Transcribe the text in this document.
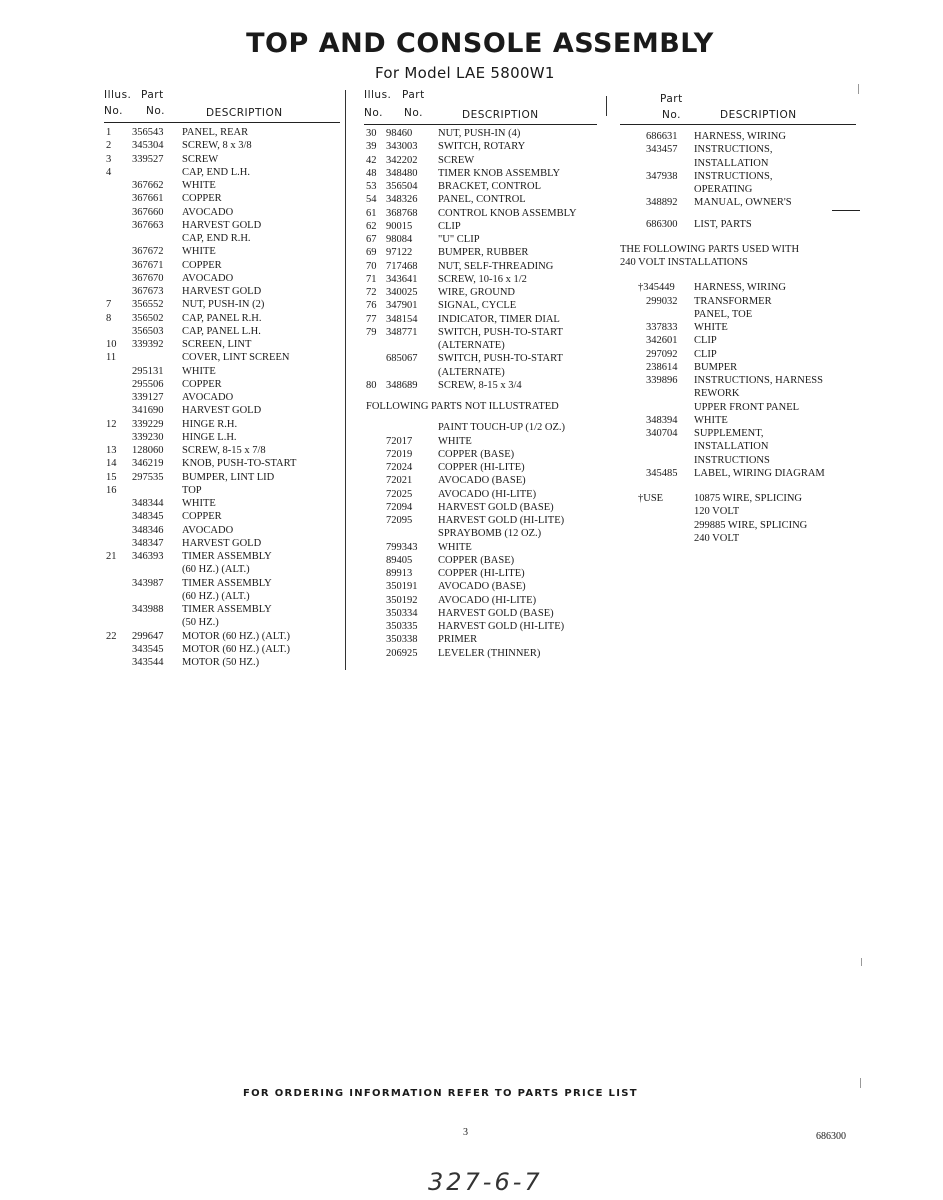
TOP AND CONSOLE ASSEMBLY
For Model LAE 5800W1
Illus. Part
No. No.	DESCRIPTION
Illus. Part
No. No.	DESCRIPTION
Part
No.	DESCRIPTION
1 356543 PANEL, REAR
2 345304 SCREW, 8 x 3/8
3 339527 SCREW
4	CAP, END L.H.
367662 WHITE
367661 COPPER
367660 AVOCADO
367663 HARVEST GOLD
CAP, END R.H.
367672 WHITE
367671 COPPER
367670 AVOCADO
367673 HARVEST GOLD
7 356552 NUT, PUSH-IN (2)
8 356502 CAP, PANEL R.H.
356503 CAP, PANEL L.H.
10 339392 SCREEN, LINT
11	COVER, LINT SCREEN
295131 WHITE
295506 COPPER
339127 AVOCADO
341690 HARVEST GOLD
12 339229 HINGE R.H.
339230 HINGE L.H.
13 128060 SCREW, 8-15 x 7/8
14 346219 KNOB, PUSH-TO-START
15 297535 BUMPER, LINT LID
16	TOP
348344 WHITE
348345 COPPER
348346 AVOCADO
348347 HARVEST GOLD
21 346393 TIMER ASSEMBLY
(60 HZ.) (ALT.)
343987 TIMER ASSEMBLY
(60 HZ.) (ALT.)
343988 TIMER ASSEMBLY
(50 HZ.)
22 299647 MOTOR (60 HZ.) (ALT.)
343545 MOTOR (60 HZ.) (ALT.)
343544 MOTOR (50 HZ.)
30 98460 NUT, PUSH-IN (4)
39 343003 SWITCH, ROTARY
42 342202 SCREW
48 348480 TIMER KNOB ASSEMBLY
53 356504 BRACKET, CONTROL
54 348326 PANEL, CONTROL
61 368768 CONTROL KNOB ASSEMBLY
62 90015 CLIP
67 98084 "U" CLIP
69 97122 BUMPER, RUBBER
70 717468 NUT, SELF-THREADING
71 343641 SCREW, 10-16 x 1/2
72 340025 WIRE, GROUND
76 347901 SIGNAL, CYCLE
77 348154 INDICATOR, TIMER DIAL
79 348771 SWITCH, PUSH-TO-START
(ALTERNATE)
685067 SWITCH, PUSH-TO-START
(ALTERNATE)
80 348689 SCREW, 8-15 x 3/4
FOLLOWING PARTS NOT ILLUSTRATED
PAINT TOUCH-UP (1/2 OZ.)
72017 WHITE
72019 COPPER (BASE)
72024 COPPER (HI-LITE)
72021 AVOCADO (BASE)
72025 AVOCADO (HI-LITE)
72094 HARVEST GOLD (BASE)
72095 HARVEST GOLD (HI-LITE)
SPRAYBOMB (12 OZ.)
799343 WHITE
89405 COPPER (BASE)
89913 COPPER (HI-LITE)
350191 AVOCADO (BASE)
350192 AVOCADO (HI-LITE)
350334 HARVEST GOLD (BASE)
350335 HARVEST GOLD (HI-LITE)
350338 PRIMER
206925 LEVELER (THINNER)
686631 HARNESS, WIRING
343457 INSTRUCTIONS,
INSTALLATION
347938 INSTRUCTIONS,
OPERATING
348892 MANUAL, OWNER'S
686300 LIST, PARTS
THE FOLLOWING PARTS USED WITH
240 VOLT INSTALLATIONS
†345449 HARNESS, WIRING
299032 TRANSFORMER
PANEL, TOE
337833 WHITE
342601 CLIP
297092 CLIP
238614 BUMPER
339896 INSTRUCTIONS, HARNESS
REWORK
UPPER FRONT PANEL
348394 WHITE
340704 SUPPLEMENT,
INSTALLATION
INSTRUCTIONS
345485 LABEL, WIRING DIAGRAM
†USE	10875 WIRE, SPLICING
120 VOLT
299885 WIRE, SPLICING
240 VOLT
FOR ORDERING INFORMATION REFER TO PARTS PRICE LIST
3	686300
327-6-7
